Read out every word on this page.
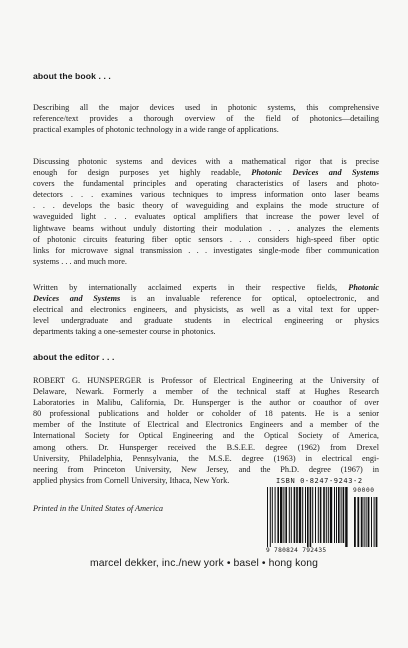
about the book . . .

Describing all the major devices used in photonic systems, this comprehensive
reference/text provides a thorough overview of the field of photonics—detailing
practical examples of photonic technology in a wide range of applications.

Discussing photonic systems and devices with a mathematical rigor that is precise
enough for design purposes yet highly readable, Photonic Devices and Systems
covers the fundamental principles and operating characteristics of lasers and photo-
detectors . . . examines various techniques to impress information onto laser beams
. . . develops the basic theory of waveguiding and explains the mode structure of
waveguided light . . . evaluates optical amplifiers that increase the power level of
lightwave beams without unduly distorting their modulation . . . analyzes the elements
of photonic circuits featuring fiber optic sensors . . . considers high-speed fiber optic
links for microwave signal transmission . . . investigates single-mode fiber communication
systems . . . and much more.

Written by internationally acclaimed experts in their respective fields, Photonic
Devices and Systems is an invaluable reference for optical, optoelectronic, and
electrical and electronics engineers, and physicists, as well as a vital text for upper-
level undergraduate and graduate students in electrical engineering or physics
departments taking a one-semester course in photonics.

about the editor . . .

ROBERT G. HUNSPERGER is Professor of Electrical Engineering at the University of
Delaware, Newark. Formerly a member of the technical staff at Hughes Research
Laboratories in Malibu, California, Dr. Hunsperger is the author or coauthor of over
80 professional publications and holder or coholder of 18 patents. He is a senior
member of the Institute of Electrical and Electronics Engineers and a member of the
International Society for Optical Engineering and the Optical Society of America,
among others. Dr. Hunsperger received the B.S.E.E. degree (1962) from Drexel
University, Philadelphia, Pennsylvania, the M.S.E. degree (1963) in electrical engi-
neering from Princeton University, New Jersey, and the Ph.D. degree (1967) in
applied physics from Cornell University, Ithaca, New York.

Printed in the United States of America
ISBN 0-8247-9243-2
90000
9 780824 792435
marcel dekker, inc./new york • basel • hong kong
